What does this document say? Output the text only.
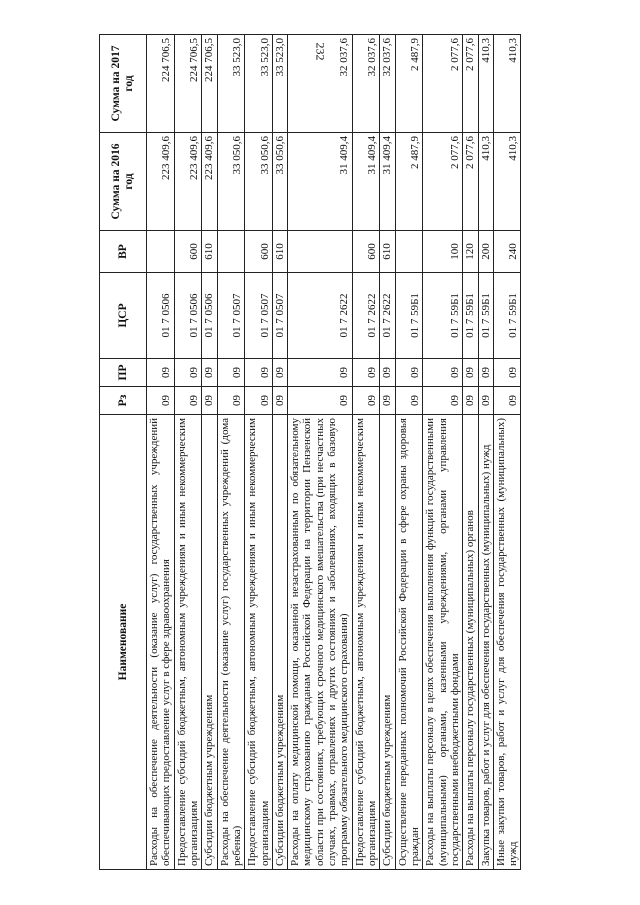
232
Наименование	Рз	ПР	ЦСР	ВР	Сумма на 2016 год	Сумма на 2017 год
Расходы на обеспечение деятельности (оказание услуг) государственных учреждений обеспечивающих предоставление услуг в сфере здравоохранения	09	09	01 7 0506		223 409,6	224 706,5
Предоставление субсидий бюджетным, автономным учреждениям и иным некоммерческим организациям	09	09	01 7 0506	600	223 409,6	224 706,5
Субсидии бюджетным учреждениям	09	09	01 7 0506	610	223 409,6	224 706,5
Расходы на обеспечение деятельности (оказание услуг) государственных учреждений (дома ребенка)	09	09	01 7 0507		33 050,6	33 523,0
Предоставление субсидий бюджетным, автономным учреждениям и иным некоммерческим организациям	09	09	01 7 0507	600	33 050,6	33 523,0
Субсидии бюджетным учреждениям	09	09	01 7 0507	610	33 050,6	33 523,0
Расходы на оплату медицинской помощи, оказанной незастрахованным по обязательному медицинскому страхованию гражданам Российской Федерации на территории Пензенской области при состояниях, требующих срочного медицинского вмешательства (при несчастных случаях, травмах, отравлениях и других состояниях и заболеваниях, входящих в базовую программу обязательного медицинского страхования)	09	09	01 7 2622		31 409,4	32 037,6
Предоставление субсидий бюджетным, автономным учреждениям и иным некоммерческим организациям	09	09	01 7 2622	600	31 409,4	32 037,6
Субсидии бюджетным учреждениям	09	09	01 7 2622	610	31 409,4	32 037,6
Осуществление переданных полномочий Российской Федерации в сфере охраны здоровья граждан	09	09	01 7 59Б1		2 487,9	2 487,9
Расходы на выплаты персоналу в целях обеспечения выполнения функций государственными (муниципальными) органами, казенными учреждениями, органами управления государственными внебюджетными фондами	09	09	01 7 59Б1	100	2 077,6	2 077,6
Расходы на выплаты персоналу государственных (муниципальных) органов	09	09	01 7 59Б1	120	2 077,6	2 077,6
Закупка товаров, работ и услуг для обеспечения государственных (муниципальных) нужд	09	09	01 7 59Б1	200	410,3	410,3
Иные закупки товаров, работ и услуг для обеспечения государственных (муниципальных) нужд	09	09	01 7 59Б1	240	410,3	410,3
